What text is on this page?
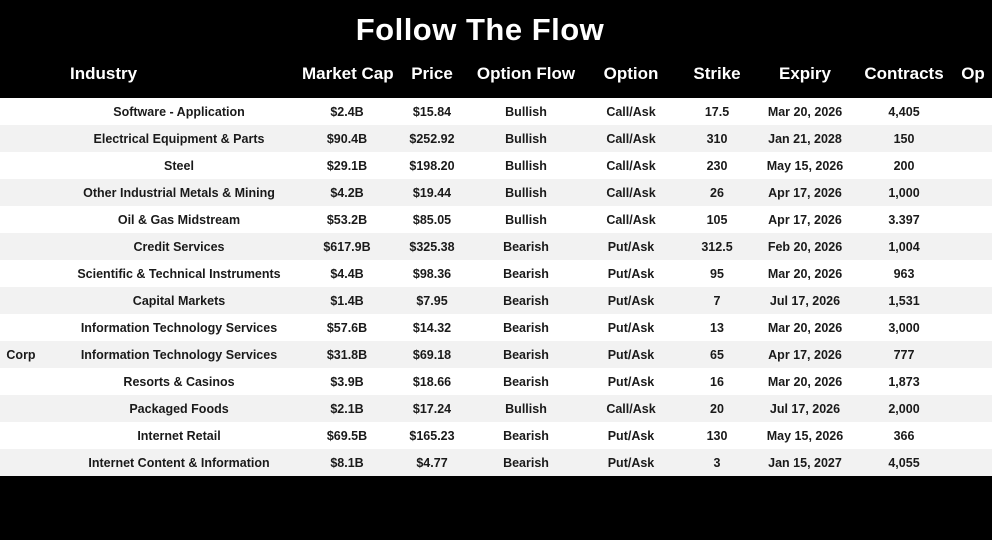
Follow The Flow
	Industry	Market Cap	Price	Option Flow	Option	Strike	Expiry	Contracts	Op
	Software - Application	$2.4B	$15.84	Bullish	Call/Ask	17.5	Mar 20, 2026	4,405	
	Electrical Equipment & Parts	$90.4B	$252.92	Bullish	Call/Ask	310	Jan 21, 2028	150	
	Steel	$29.1B	$198.20	Bullish	Call/Ask	230	May 15, 2026	200	
	Other Industrial Metals & Mining	$4.2B	$19.44	Bullish	Call/Ask	26	Apr 17, 2026	1,000	
	Oil & Gas Midstream	$53.2B	$85.05	Bullish	Call/Ask	105	Apr 17, 2026	3.397	
	Credit Services	$617.9B	$325.38	Bearish	Put/Ask	312.5	Feb 20, 2026	1,004	
	Scientific & Technical Instruments	$4.4B	$98.36	Bearish	Put/Ask	95	Mar 20, 2026	963	
	Capital Markets	$1.4B	$7.95	Bearish	Put/Ask	7	Jul 17, 2026	1,531	
	Information Technology Services	$57.6B	$14.32	Bearish	Put/Ask	13	Mar 20, 2026	3,000	
Corp	Information Technology Services	$31.8B	$69.18	Bearish	Put/Ask	65	Apr 17, 2026	777	
	Resorts & Casinos	$3.9B	$18.66	Bearish	Put/Ask	16	Mar 20, 2026	1,873	
	Packaged Foods	$2.1B	$17.24	Bullish	Call/Ask	20	Jul 17, 2026	2,000	
	Internet Retail	$69.5B	$165.23	Bearish	Put/Ask	130	May 15, 2026	366	
	Internet Content & Information	$8.1B	$4.77	Bearish	Put/Ask	3	Jan 15, 2027	4,055	
